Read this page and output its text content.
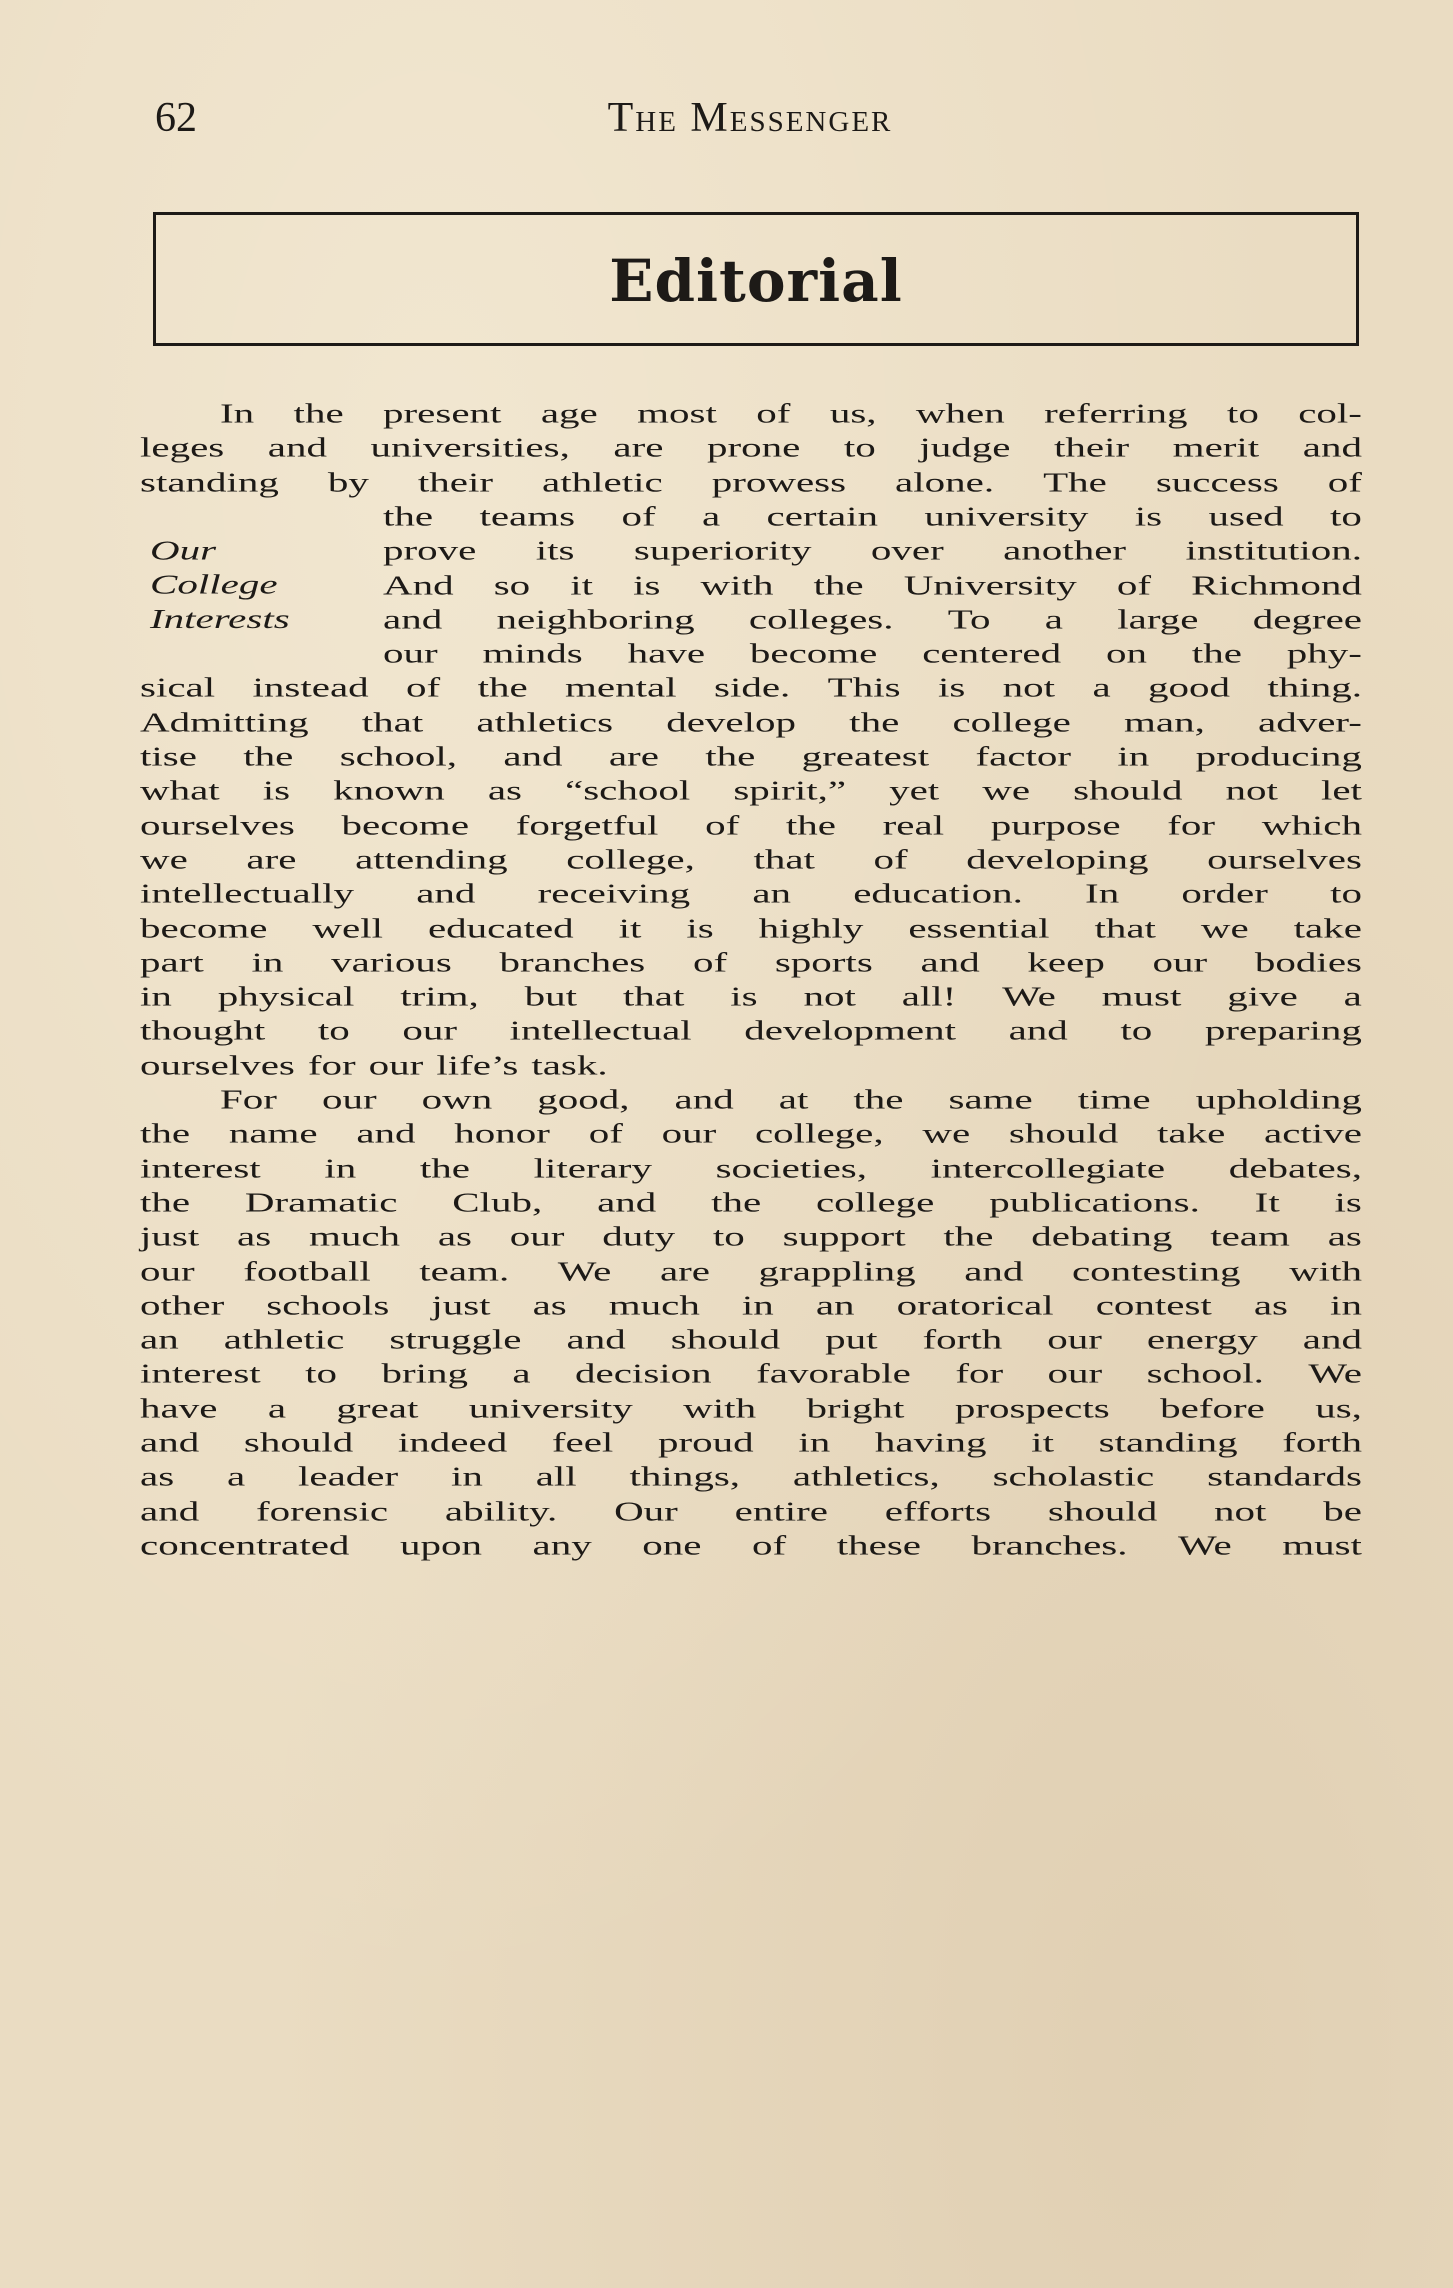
62	The Messenger
Editorial
Our
College
Interests
In the present age most of us, when referring to col-
leges and universities, are prone to judge their merit and
standing by their athletic prowess alone. The success of
the teams of a certain university is used to
prove its superiority over another institution.
And so it is with the University of Richmond
and neighboring colleges. To a large degree
our minds have become centered on the phy-
sical instead of the mental side. This is not a good thing.
Admitting that athletics develop the college man, adver-
tise the school, and are the greatest factor in producing
what is known as “school spirit,” yet we should not let
ourselves become forgetful of the real purpose for which
we are attending college, that of developing ourselves
intellectually and receiving an education. In order to
become well educated it is highly essential that we take
part in various branches of sports and keep our bodies
in physical trim, but that is not all! We must give a
thought to our intellectual development and to preparing
ourselves for our life’s task.
For our own good, and at the same time upholding
the name and honor of our college, we should take active
interest in the literary societies, intercollegiate debates,
the Dramatic Club, and the college publications. It is
just as much as our duty to support the debating team as
our football team. We are grappling and contesting with
other schools just as much in an oratorical contest as in
an athletic struggle and should put forth our energy and
interest to bring a decision favorable for our school. We
have a great university with bright prospects before us,
and should indeed feel proud in having it standing forth
as a leader in all things, athletics, scholastic standards
and forensic ability. Our entire efforts should not be
concentrated upon any one of these branches. We must
